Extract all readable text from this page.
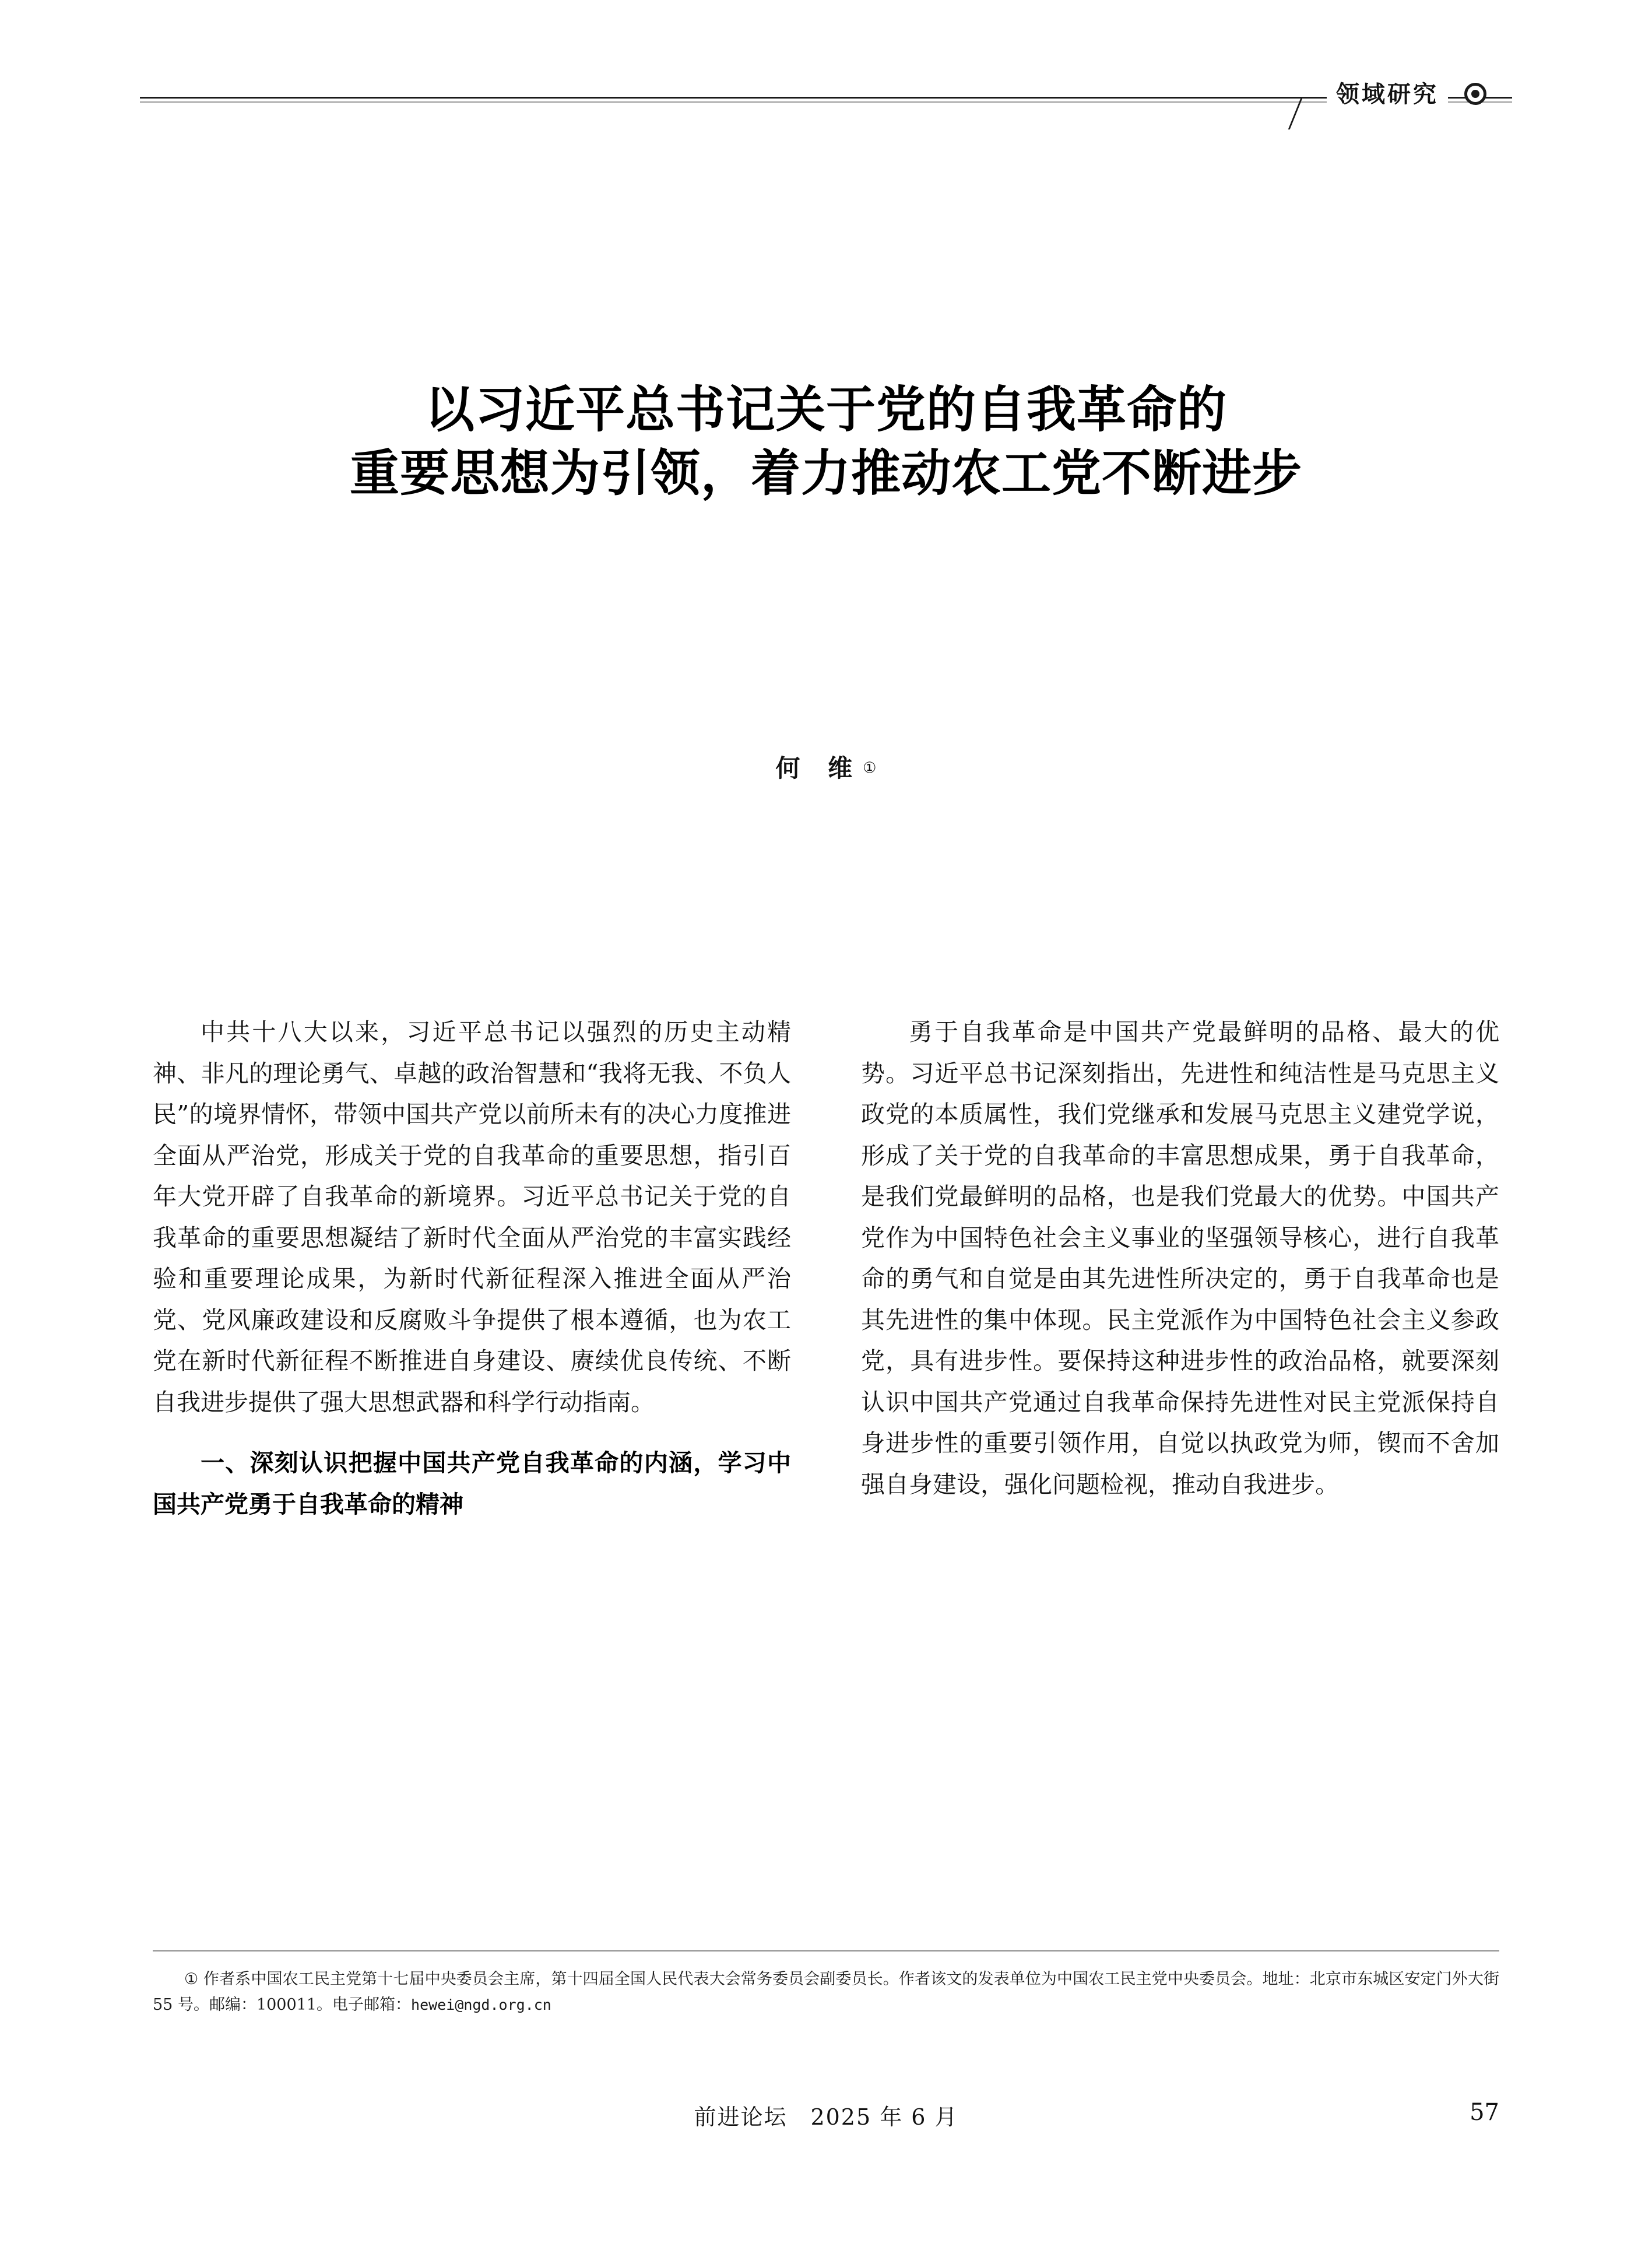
领域研究
以习近平总书记关于党的自我革命的
重要思想为引领，着力推动农工党不断进步
何 维①

中共十八大以来，习近平总书记以强烈的历史主动精神、非凡的理论勇气、卓越的政治智慧和“我将无我、不负人民”的境界情怀，带领中国共产党以前所未有的决心力度推进全面从严治党，形成关于党的自我革命的重要思想，指引百年大党开辟了自我革命的新境界。习近平总书记关于党的自我革命的重要思想凝结了新时代全面从严治党的丰富实践经验和重要理论成果，为新时代新征程深入推进全面从严治党、党风廉政建设和反腐败斗争提供了根本遵循，也为农工党在新时代新征程不断推进自身建设、赓续优良传统、不断自我进步提供了强大思想武器和科学行动指南。

一、深刻认识把握中国共产党自我革命的内涵，学习中国共产党勇于自我革命的精神

勇于自我革命是中国共产党最鲜明的品格、最大的优势。习近平总书记深刻指出，先进性和纯洁性是马克思主义政党的本质属性，我们党继承和发展马克思主义建党学说，形成了关于党的自我革命的丰富思想成果，勇于自我革命，是我们党最鲜明的品格，也是我们党最大的优势。中国共产党作为中国特色社会主义事业的坚强领导核心，进行自我革命的勇气和自觉是由其先进性所决定的，勇于自我革命也是其先进性的集中体现。民主党派作为中国特色社会主义参政党，具有进步性。要保持这种进步性的政治品格，就要深刻认识中国共产党通过自我革命保持先进性对民主党派保持自身进步性的重要引领作用，自觉以执政党为师，锲而不舍加强自身建设，强化问题检视，推动自我进步。

① 作者系中国农工民主党第十七届中央委员会主席，第十四届全国人民代表大会常务委员会副委员长。作者该文的发表单位为中国农工民主党中央委员会。地址：北京市东城区安定门外大街 55 号。邮编：100011。电子邮箱：hewei@ngd.org.cn
前进论坛　2025 年 6 月	57
